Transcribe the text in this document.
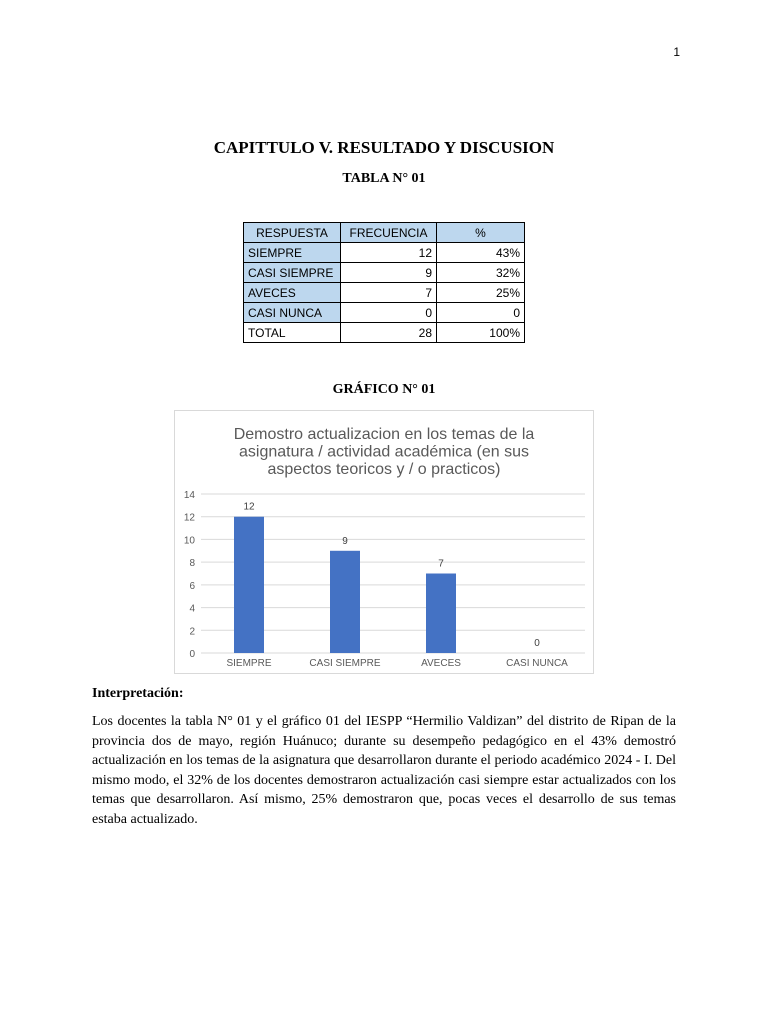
1
CAPITTULO V. RESULTADO Y DISCUSION
TABLA N° 01
RESPUESTA	FRECUENCIA	%
SIEMPRE	12	43%
CASI SIEMPRE	9	32%
AVECES	7	25%
CASI NUNCA	0	0
TOTAL	28	100%
GRÁFICO N° 01
Demostro actualizacion en los temas de la
asignatura / actividad académica (en sus
aspectos teoricos y / o practicos)
0
2
4
6
8
10
12
14
12
SIEMPRE
9
CASI SIEMPRE
7
AVECES
0
CASI NUNCA
Interpretación:
Los docentes la tabla N° 01 y el gráfico 01 del IESPP “Hermilio Valdizan” del distrito de Ripan de la provincia dos de mayo, región Huánuco; durante su desempeño pedagógico en el 43% demostró actualización en los temas de la asignatura que desarrollaron durante el periodo académico 2024 - I. Del mismo modo, el 32% de los docentes demostraron actualización casi siempre estar actualizados con los temas que desarrollaron. Así mismo, 25% demostraron que, pocas veces el desarrollo de sus temas estaba actualizado.
